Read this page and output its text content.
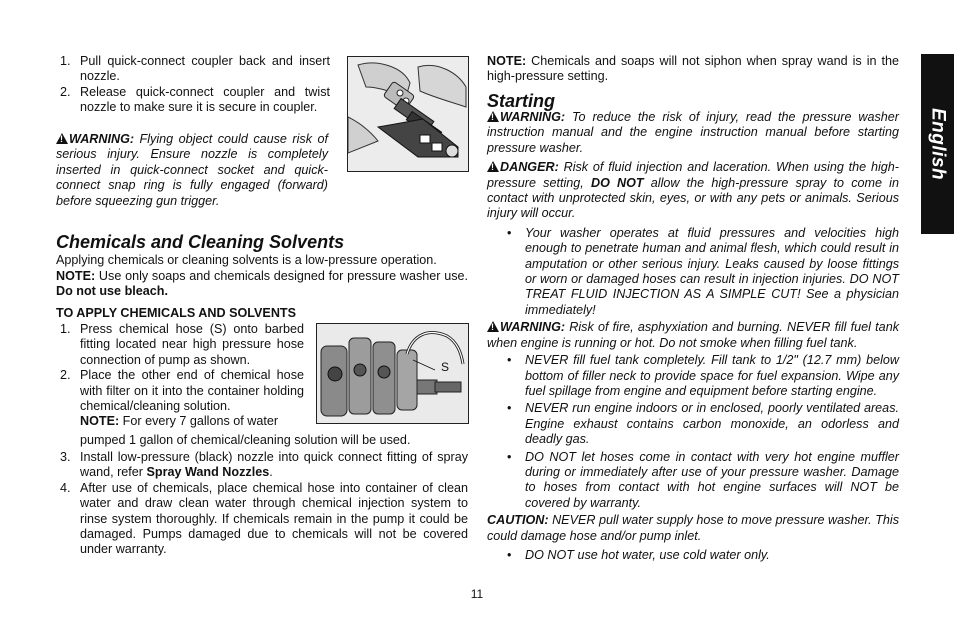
1. Pull quick-connect coupler back and insert nozzle.
2. Release quick-connect coupler and twist nozzle to make sure it is secure in coupler.
!WARNING: Flying object could cause risk of serious injury. Ensure nozzle is completely inserted in quick-connect socket and quick-connect snap ring is fully engaged (forward) before squeezing gun trigger.
Chemicals and Cleaning Solvents
Applying chemicals or cleaning solvents is a low-pressure operation.
NOTE: Use only soaps and chemicals designed for pressure washer use. Do not use bleach.
TO APPLY CHEMICALS AND SOLVENTS
1. Press chemical hose (S) onto barbed fitting located near high pressure hose connection of pump as shown.
2. Place the other end of chemical hose with filter on it into the container holding chemical/cleaning solution.
NOTE: For every 7 gallons of water
pumped 1 gallon of chemical/cleaning solution will be used.
S
3. Install low-pressure (black) nozzle into quick connect fitting of spray wand, refer Spray Wand Nozzles.
4. After use of chemicals, place chemical hose into container of clean water and draw clean water through chemical injection system to rinse system thoroughly. If chemicals remain in the pump it could be damaged. Pumps damaged due to chemicals will not be covered under warranty.
NOTE: Chemicals and soaps will not siphon when spray wand is in the high-pressure setting.
Starting
!WARNING: To reduce the risk of injury, read the pressure washer instruction manual and the engine instruction manual before starting pressure washer.
!DANGER: Risk of fluid injection and laceration. When using the high-pressure setting, DO NOT allow the high-pressure spray to come in contact with unprotected skin, eyes, or with any pets or animals. Serious injury will occur.
• Your washer operates at fluid pressures and velocities high enough to penetrate human and animal flesh, which could result in amputation or other serious injury. Leaks caused by loose fittings or worn or damaged hoses can result in injection injuries. DO NOT TREAT FLUID INJECTION AS A SIMPLE CUT! See a physician immediately!
!WARNING: Risk of fire, asphyxiation and burning. NEVER fill fuel tank when engine is running or hot. Do not smoke when filling fuel tank.
• NEVER fill fuel tank completely. Fill tank to 1/2" (12.7 mm) below bottom of filler neck to provide space for fuel expansion. Wipe any fuel spillage from engine and equipment before starting engine.
• NEVER run engine indoors or in enclosed, poorly ventilated areas. Engine exhaust contains carbon monoxide, an odorless and deadly gas.
• DO NOT let hoses come in contact with very hot engine muffler during or immediately after use of your pressure washer. Damage to hoses from contact with hot engine surfaces will NOT be covered by warranty.
CAUTION: NEVER pull water supply hose to move pressure washer. This could damage hose and/or pump inlet.
• DO NOT use hot water, use cold water only.
English
11
